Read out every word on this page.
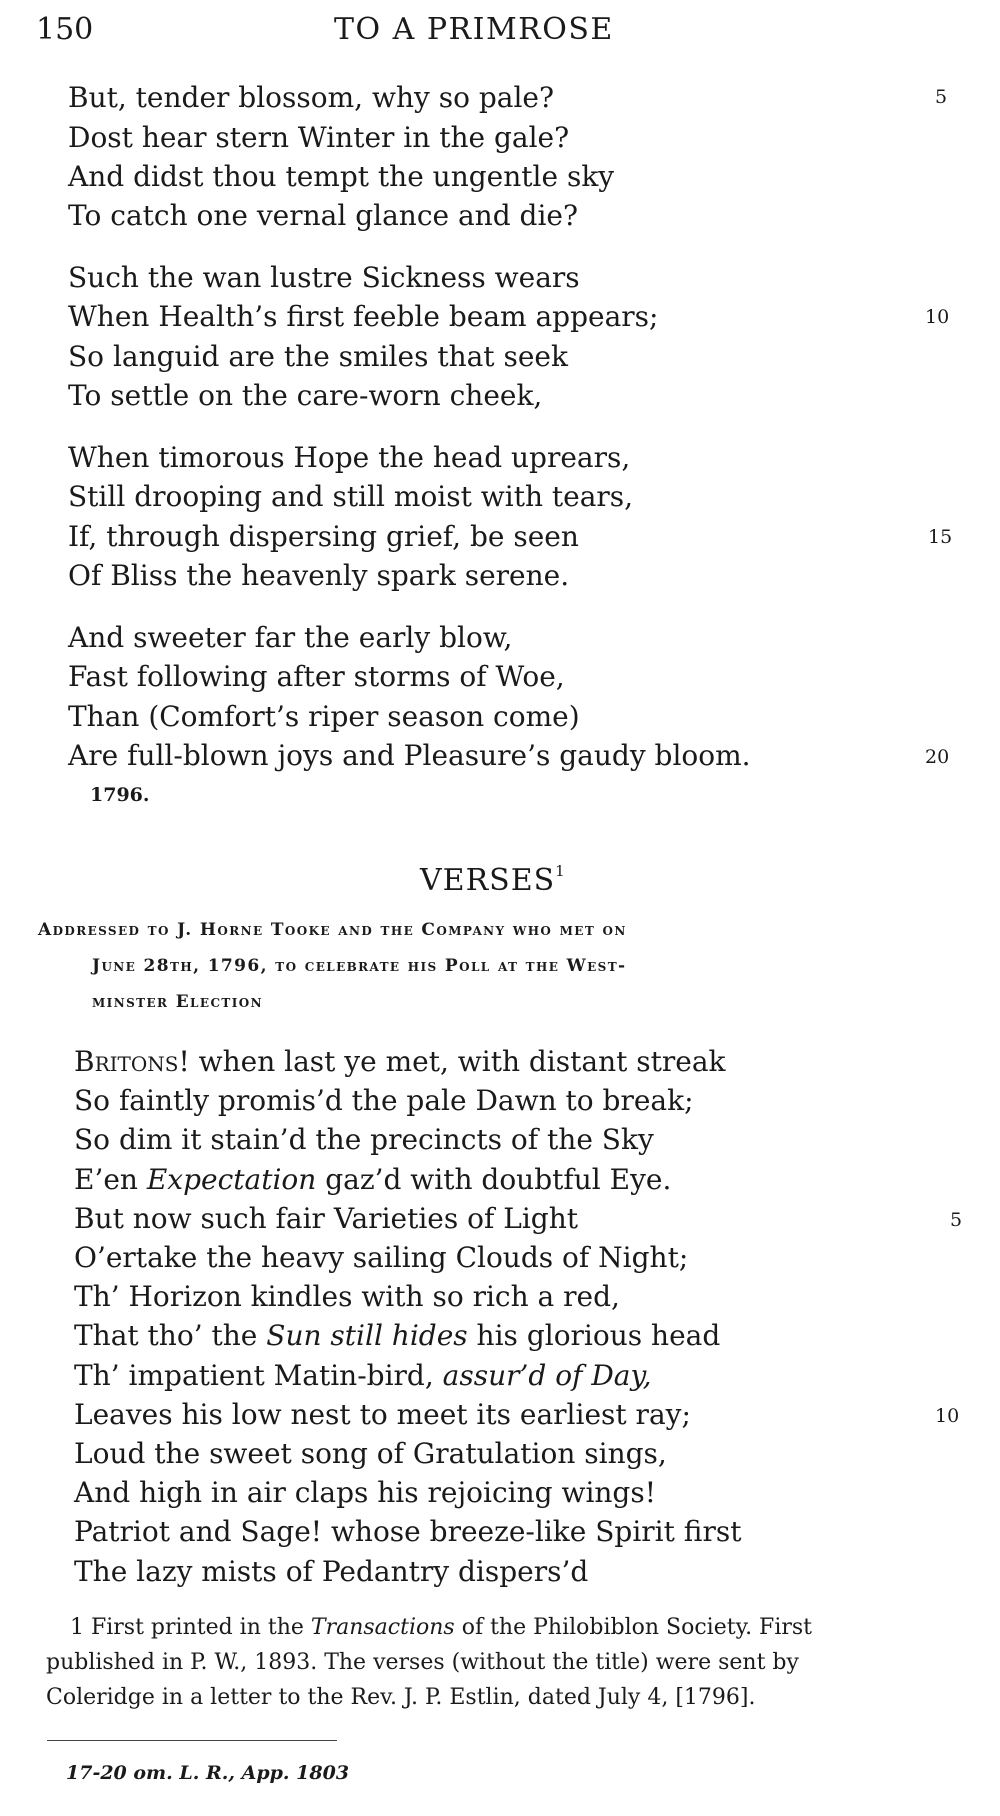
150	TO A PRIMROSE
But, tender blossom, why so pale?
Dost hear stern Winter in the gale?
And didst thou tempt the ungentle sky
To catch one vernal glance and die?
Such the wan lustre Sickness wears
When Health’s first feeble beam appears;
So languid are the smiles that seek
To settle on the care-worn cheek,
When timorous Hope the head uprears,
Still drooping and still moist with tears,
If, through dispersing grief, be seen
Of Bliss the heavenly spark serene.
And sweeter far the early blow,
Fast following after storms of Woe,
Than (Comfort’s riper season come)
Are full-blown joys and Pleasure’s gaudy bloom.
5
10
15
20
1796.
VERSES$^1$
Addressed to J. Horne Tooke and the Company who met on
June 28th, 1796, to celebrate his Poll at the West-
minster Election
Britons! when last ye met, with distant streak
So faintly promis’d the pale Dawn to break;
So dim it stain’d the precincts of the Sky
E’en Expectation gaz’d with doubtful Eye.
But now such fair Varieties of Light
O’ertake the heavy sailing Clouds of Night;
Th’ Horizon kindles with so rich a red,
That tho’ the Sun still hides his glorious head
Th’ impatient Matin-bird, assur’d of Day,
Leaves his low nest to meet its earliest ray;
Loud the sweet song of Gratulation sings,
And high in air claps his rejoicing wings!
Patriot and Sage! whose breeze-like Spirit first
The lazy mists of Pedantry dispers’d
5
10
1 First printed in the Transactions of the Philobiblon Society. First
published in P. W., 1893. The verses (without the title) were sent by
Coleridge in a letter to the Rev. J. P. Estlin, dated July 4, [1796].
17-20 om. L. R., App. 1803
